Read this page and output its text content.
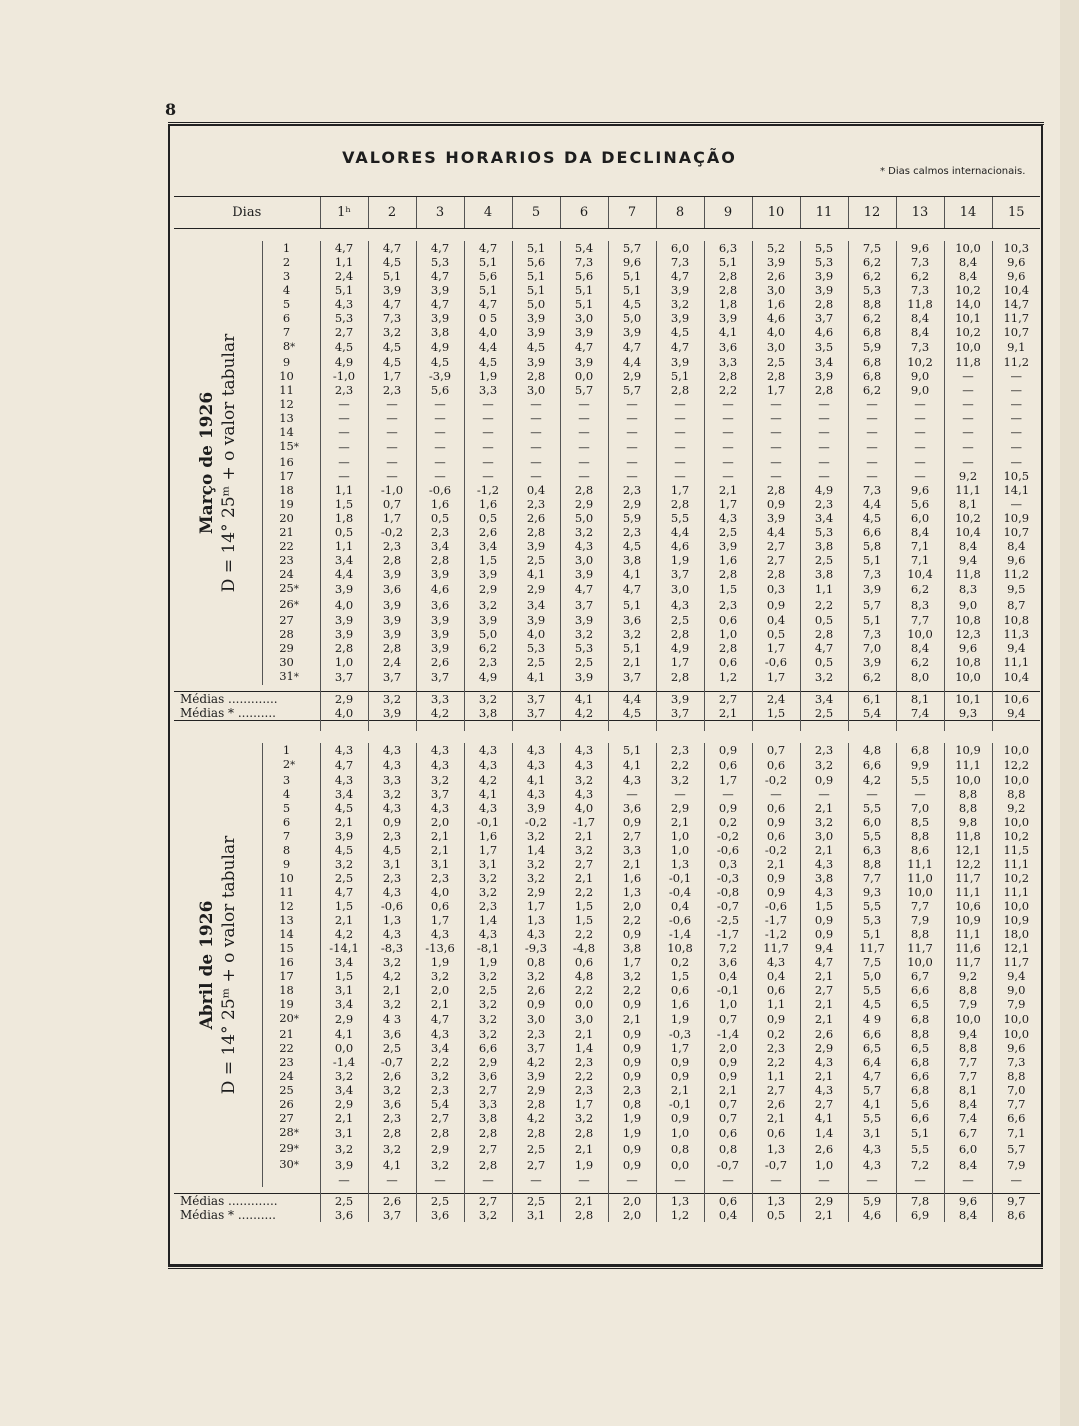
8
VALORES HORARIOS DA DECLINAÇÃO
* Dias calmos internacionais.
Dias		1ʰ	2	3	4	5	6	7	8	9	10	11	12	13	14	15

Março de 1926 D = 14° 25ᵐ + o valor tabular	1	4,7	4,7	4,7	4,7	5,1	5,4	5,7	6,0	6,3	5,2	5,5	7,5	9,6	10,0	10,3
	2	1,1	4,5	5,3	5,1	5,6	7,3	9,6	7,3	5,1	3,9	5,3	6,2	7,3	8,4	9,6
	3	2,4	5,1	4,7	5,6	5,1	5,6	5,1	4,7	2,8	2,6	3,9	6,2	6,2	8,4	9,6
	4	5,1	3,9	3,9	5,1	5,1	5,1	5,1	3,9	2,8	3,0	3,9	5,3	7,3	10,2	10,4
	5	4,3	4,7	4,7	4,7	5,0	5,1	4,5	3,2	1,8	1,6	2,8	8,8	11,8	14,0	14,7
	6	5,3	7,3	3,9	0 5	3,9	3,0	5,0	3,9	3,9	4,6	3,7	6,2	8,4	10,1	11,7
	7	2,7	3,2	3,8	4,0	3,9	3,9	3,9	4,5	4,1	4,0	4,6	6,8	8,4	10,2	10,7
	8*	4,5	4,5	4,9	4,4	4,5	4,7	4,7	4,7	3,6	3,0	3,5	5,9	7,3	10,0	9,1
	9	4,9	4,5	4,5	4,5	3,9	3,9	4,4	3,9	3,3	2,5	3,4	6,8	10,2	11,8	11,2
	10	-1,0	1,7	-3,9	1,9	2,8	0,0	2,9	5,1	2,8	2,8	3,9	6,8	9,0	—	—
	11	2,3	2,3	5,6	3,3	3,0	5,7	5,7	2,8	2,2	1,7	2,8	6,2	9,0	—	—
	12	—	—	—	—	—	—	—	—	—	—	—	—	—	—	—
	13	—	—	—	—	—	—	—	—	—	—	—	—	—	—	—
	14	—	—	—	—	—	—	—	—	—	—	—	—	—	—	—
	15*	—	—	—	—	—	—	—	—	—	—	—	—	—	—	—
	16	—	—	—	—	—	—	—	—	—	—	—	—	—	—	—
	17	—	—	—	—	—	—	—	—	—	—	—	—	—	9,2	10,5
	18	1,1	-1,0	-0,6	-1,2	0,4	2,8	2,3	1,7	2,1	2,8	4,9	7,3	9,6	11,1	14,1
	19	1,5	0,7	1,6	1,6	2,3	2,9	2,9	2,8	1,7	0,9	2,3	4,4	5,6	8,1	—
	20	1,8	1,7	0,5	0,5	2,6	5,0	5,9	5,5	4,3	3,9	3,4	4,5	6,0	10,2	10,9
	21	0,5	-0,2	2,3	2,6	2,8	3,2	2,3	4,4	2,5	4,4	5,3	6,6	8,4	10,4	10,7
	22	1,1	2,3	3,4	3,4	3,9	4,3	4,5	4,6	3,9	2,7	3,8	5,8	7,1	8,4	8,4
	23	3,4	2,8	2,8	1,5	2,5	3,0	3,8	1,9	1,6	2,7	2,5	5,1	7,1	9,4	9,6
	24	4,4	3,9	3,9	3,9	4,1	3,9	4,1	3,7	2,8	2,8	3,8	7,3	10,4	11,8	11,2
	25*	3,9	3,6	4,6	2,9	2,9	4,7	4,7	3,0	1,5	0,3	1,1	3,9	6,2	8,3	9,5
	26*	4,0	3,9	3,6	3,2	3,4	3,7	5,1	4,3	2,3	0,9	2,2	5,7	8,3	9,0	8,7
	27	3,9	3,9	3,9	3,9	3,9	3,9	3,6	2,5	0,6	0,4	0,5	5,1	7,7	10,8	10,8
	28	3,9	3,9	3,9	5,0	4,0	3,2	3,2	2,8	1,0	0,5	2,8	7,3	10,0	12,3	11,3
	29	2,8	2,8	3,9	6,2	5,3	5,3	5,1	4,9	2,8	1,7	4,7	7,0	8,4	9,6	9,4
	30	1,0	2,4	2,6	2,3	2,5	2,5	2,1	1,7	0,6	-0,6	0,5	3,9	6,2	10,8	11,1
	31*	3,7	3,7	3,7	4,9	4,1	3,9	3,7	2,8	1,2	1,7	3,2	6,2	8,0	10,0	10,4

Médias .............		2,9	3,2	3,3	3,2	3,7	4,1	4,4	3,9	2,7	2,4	3,4	6,1	8,1	10,1	10,6
Médias * ..........		4,0	3,9	4,2	3,8	3,7	4,2	4,5	3,7	2,1	1,5	2,5	5,4	7,4	9,3	9,4

Abril de 1926 D = 14° 25ᵐ + o valor tabular	1	4,3	4,3	4,3	4,3	4,3	4,3	5,1	2,3	0,9	0,7	2,3	4,8	6,8	10,9	10,0
	2*	4,7	4,3	4,3	4,3	4,3	4,3	4,1	2,2	0,6	0,6	3,2	6,6	9,9	11,1	12,2
	3	4,3	3,3	3,2	4,2	4,1	3,2	4,3	3,2	1,7	-0,2	0,9	4,2	5,5	10,0	10,0
	4	3,4	3,2	3,7	4,1	4,3	4,3	—	—	—	—	—	—	—	8,8	8,8
	5	4,5	4,3	4,3	4,3	3,9	4,0	3,6	2,9	0,9	0,6	2,1	5,5	7,0	8,8	9,2
	6	2,1	0,9	2,0	-0,1	-0,2	-1,7	0,9	2,1	0,2	0,9	3,2	6,0	8,5	9,8	10,0
	7	3,9	2,3	2,1	1,6	3,2	2,1	2,7	1,0	-0,2	0,6	3,0	5,5	8,8	11,8	10,2
	8	4,5	4,5	2,1	1,7	1,4	3,2	3,3	1,0	-0,6	-0,2	2,1	6,3	8,6	12,1	11,5
	9	3,2	3,1	3,1	3,1	3,2	2,7	2,1	1,3	0,3	2,1	4,3	8,8	11,1	12,2	11,1
	10	2,5	2,3	2,3	3,2	3,2	2,1	1,6	-0,1	-0,3	0,9	3,8	7,7	11,0	11,7	10,2
	11	4,7	4,3	4,0	3,2	2,9	2,2	1,3	-0,4	-0,8	0,9	4,3	9,3	10,0	11,1	11,1
	12	1,5	-0,6	0,6	2,3	1,7	1,5	2,0	0,4	-0,7	-0,6	1,5	5,5	7,7	10,6	10,0
	13	2,1	1,3	1,7	1,4	1,3	1,5	2,2	-0,6	-2,5	-1,7	0,9	5,3	7,9	10,9	10,9
	14	4,2	4,3	4,3	4,3	4,3	2,2	0,9	-1,4	-1,7	-1,2	0,9	5,1	8,8	11,1	18,0
	15	-14,1	-8,3	-13,6	-8,1	-9,3	-4,8	3,8	10,8	7,2	11,7	9,4	11,7	11,7	11,6	12,1
	16	3,4	3,2	1,9	1,9	0,8	0,6	1,7	0,2	3,6	4,3	4,7	7,5	10,0	11,7	11,7
	17	1,5	4,2	3,2	3,2	3,2	4,8	3,2	1,5	0,4	0,4	2,1	5,0	6,7	9,2	9,4
	18	3,1	2,1	2,0	2,5	2,6	2,2	2,2	0,6	-0,1	0,6	2,7	5,5	6,6	8,8	9,0
	19	3,4	3,2	2,1	3,2	0,9	0,0	0,9	1,6	1,0	1,1	2,1	4,5	6,5	7,9	7,9
	20*	2,9	4 3	4,7	3,2	3,0	3,0	2,1	1,9	0,7	0,9	2,1	4 9	6,8	10,0	10,0
	21	4,1	3,6	4,3	3,2	2,3	2,1	0,9	-0,3	-1,4	0,2	2,6	6,6	8,8	9,4	10,0
	22	0,0	2,5	3,4	6,6	3,7	1,4	0,9	1,7	2,0	2,3	2,9	6,5	6,5	8,8	9,6
	23	-1,4	-0,7	2,2	2,9	4,2	2,3	0,9	0,9	0,9	2,2	4,3	6,4	6,8	7,7	7,3
	24	3,2	2,6	3,2	3,6	3,9	2,2	0,9	0,9	0,9	1,1	2,1	4,7	6,6	7,7	8,8
	25	3,4	3,2	2,3	2,7	2,9	2,3	2,3	2,1	2,1	2,7	4,3	5,7	6,8	8,1	7,0
	26	2,9	3,6	5,4	3,3	2,8	1,7	0,8	-0,1	0,7	2,6	2,7	4,1	5,6	8,4	7,7
	27	2,1	2,3	2,7	3,8	4,2	3,2	1,9	0,9	0,7	2,1	4,1	5,5	6,6	7,4	6,6
	28*	3,1	2,8	2,8	2,8	2,8	2,8	1,9	1,0	0,6	0,6	1,4	3,1	5,1	6,7	7,1
	29*	3,2	3,2	2,9	2,7	2,5	2,1	0,9	0,8	0,8	1,3	2,6	4,3	5,5	6,0	5,7
	30*	3,9	4,1	3,2	2,8	2,7	1,9	0,9	0,0	-0,7	-0,7	1,0	4,3	7,2	8,4	7,9
		—	—	—	—	—	—	—	—	—	—	—	—	—	—	—

Médias .............		2,5	2,6	2,5	2,7	2,5	2,1	2,0	1,3	0,6	1,3	2,9	5,9	7,8	9,6	9,7
Médias * ..........		3,6	3,7	3,6	3,2	3,1	2,8	2,0	1,2	0,4	0,5	2,1	4,6	6,9	8,4	8,6
